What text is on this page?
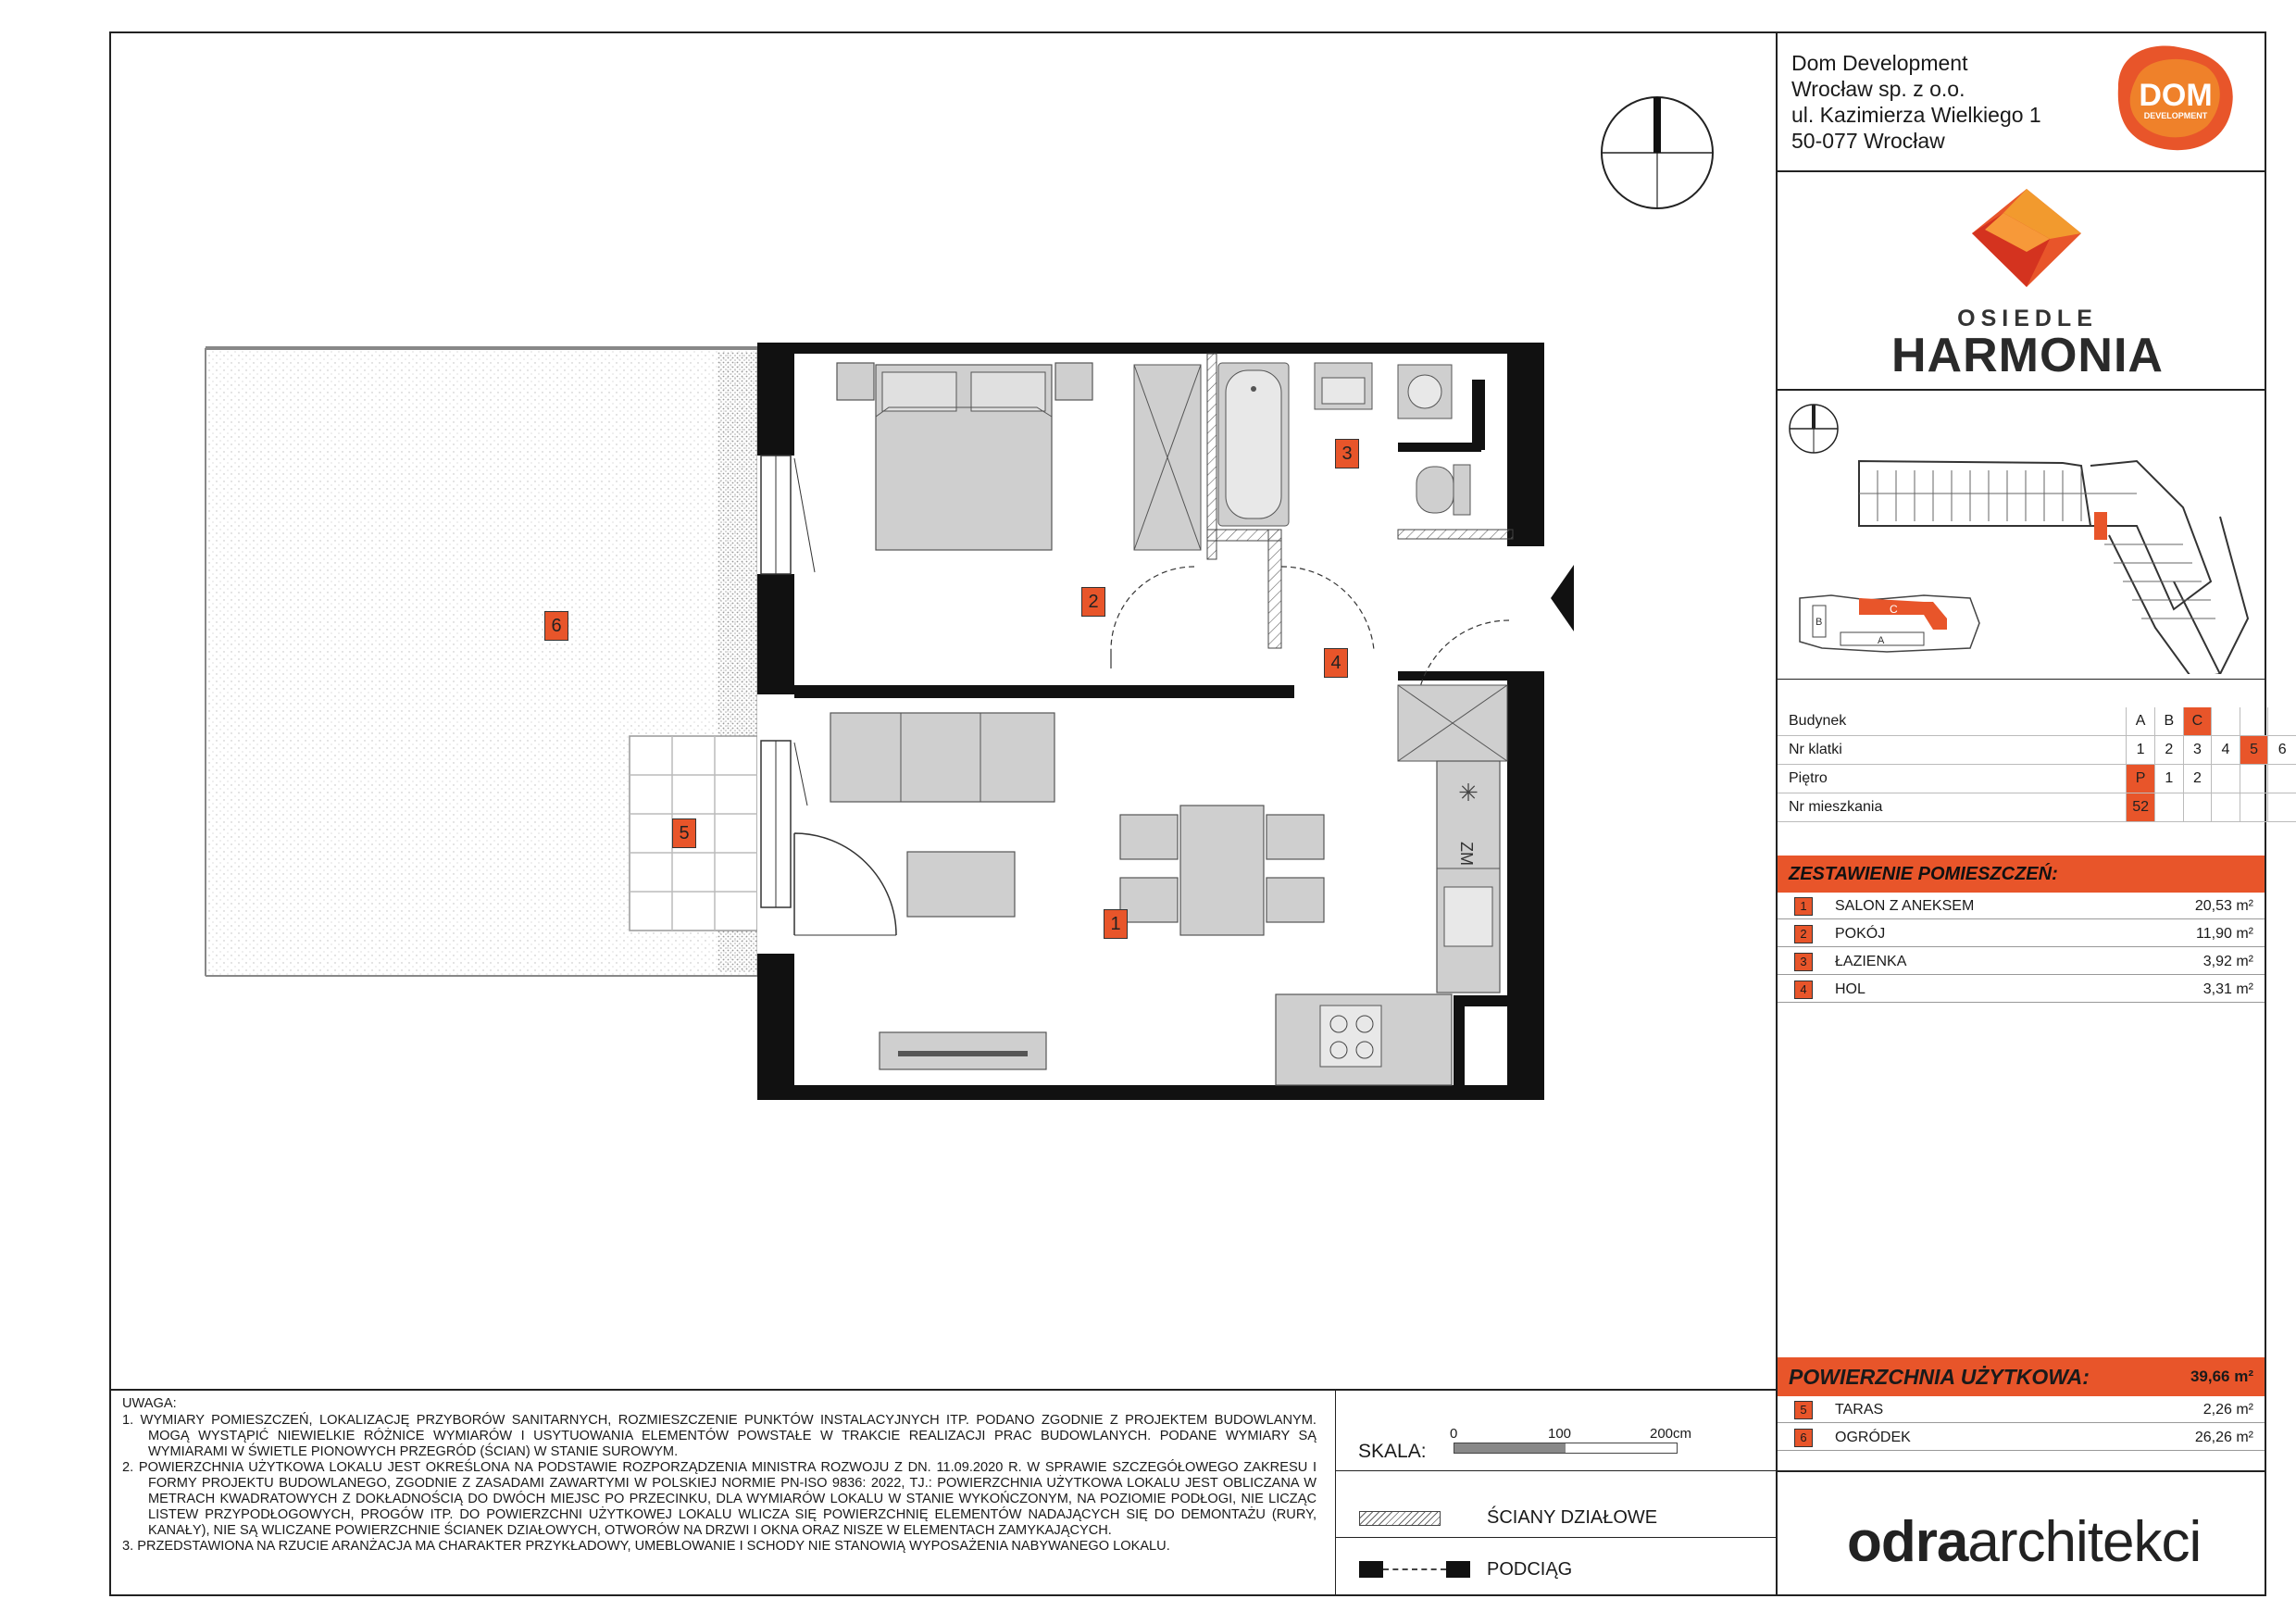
Dom Development
Wrocław sp. z o.o.
ul. Kazimierza Wielkiego 1
50-077 Wrocław
DOM
DEVELOPMENT
OSIEDLE
HARMONIA
C
B
A
Budynek	A	B	C			
Nr klatki	1	2	3	4	5	6
Piętro	P	1	2			
Nr mieszkania	52					
ZESTAWIENIE POMIESZCZEŃ:
1	SALON Z ANEKSEM	20,53 m²
2	POKÓJ	11,90 m²
3	ŁAZIENKA	3,92 m²
4	HOL	3,31 m²
POWIERZCHNIA UŻYTKOWA:	39,66 m²
5	TARAS	2,26 m²
6	OGRÓDEK	26,26 m²
odraarchitekci
UWAGA:
1. WYMIARY POMIESZCZEŃ, LOKALIZACJĘ PRZYBORÓW SANITARNYCH, ROZMIESZCZENIE PUNKTÓW INSTALACYJNYCH ITP. PODANO ZGODNIE Z PROJEKTEM BUDOWLANYM. MOGĄ WYSTĄPIĆ NIEWIELKIE RÓŻNICE WYMIARÓW I USYTUOWANIA ELEMENTÓW POWSTAŁE W TRAKCIE REALIZACJI PRAC BUDOWLANYCH. PODANE WYMIARY SĄ WYMIARAMI W ŚWIETLE PIONOWYCH PRZEGRÓD (ŚCIAN) W STANIE SUROWYM.
2. POWIERZCHNIA UŻYTKOWA LOKALU JEST OKREŚLONA NA PODSTAWIE ROZPORZĄDZENIA MINISTRA ROZWOJU Z DN. 11.09.2020 R. W SPRAWIE SZCZEGÓŁOWEGO ZAKRESU I FORMY PROJEKTU BUDOWLANEGO, ZGODNIE Z ZASADAMI ZAWARTYMI W POLSKIEJ NORMIE PN-ISO 9836: 2022, TJ.: POWIERZCHNIA UŻYTKOWA LOKALU JEST OBLICZANA W METRACH KWADRATOWYCH Z DOKŁADNOŚCIĄ DO DWÓCH MIEJSC PO PRZECINKU, DLA WYMIARÓW LOKALU W STANIE WYKOŃCZONYM, NA POZIOMIE PODŁOGI, NIE LICZĄC LISTEW PRZYPODŁOGOWYCH, PROGÓW ITP. DO POWIERZCHNI UŻYTKOWEJ LOKALU WLICZA SIĘ POWIERZCHNIĘ ELEMENTÓW NADAJĄCYCH SIĘ DO DEMONTAŻU (RURY, KANAŁY), NIE SĄ WLICZANE POWIERZCHNIE ŚCIANEK DZIAŁOWYCH, OTWORÓW NA DRZWI I OKNA ORAZ NISZE W ELEMENTACH ZAMYKAJĄCYCH.
3. PRZEDSTAWIONA NA RZUCIE ARANŻACJA MA CHARAKTER PRZYKŁADOWY, UMEBLOWANIE I SCHODY NIE STANOWIĄ WYPOSAŻENIA NABYWANEGO LOKALU.
SKALA:
0	100	200cm
ŚCIANY DZIAŁOWE
PODCIĄG
✳
ZM
1
2
3
4
5
6
